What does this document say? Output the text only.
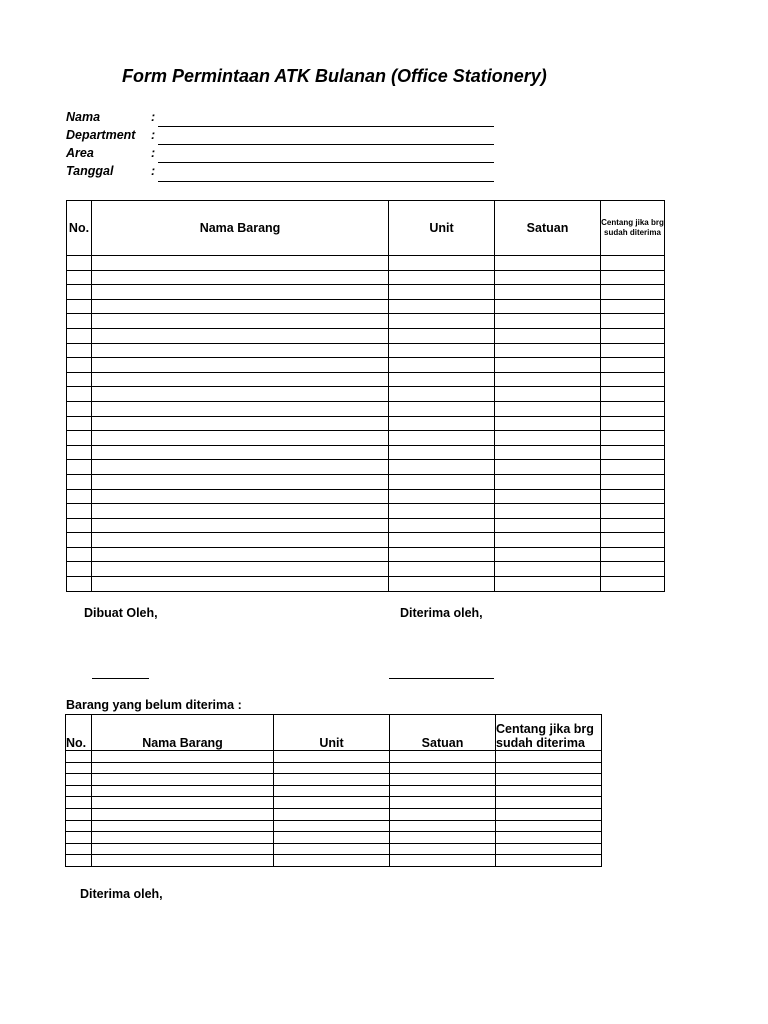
Form Permintaan ATK Bulanan (Office Stationery)
Nama	:
Department :
Area	:
Tanggal	:
No.	Nama Barang	Unit	Satuan	Centang jika brg sudah diterima

Dibuat Oleh,	Diterima oleh,
Barang yang belum diterima :
No.	Nama Barang	Unit	Satuan	Centang jika brg sudah diterima

Diterima oleh,
